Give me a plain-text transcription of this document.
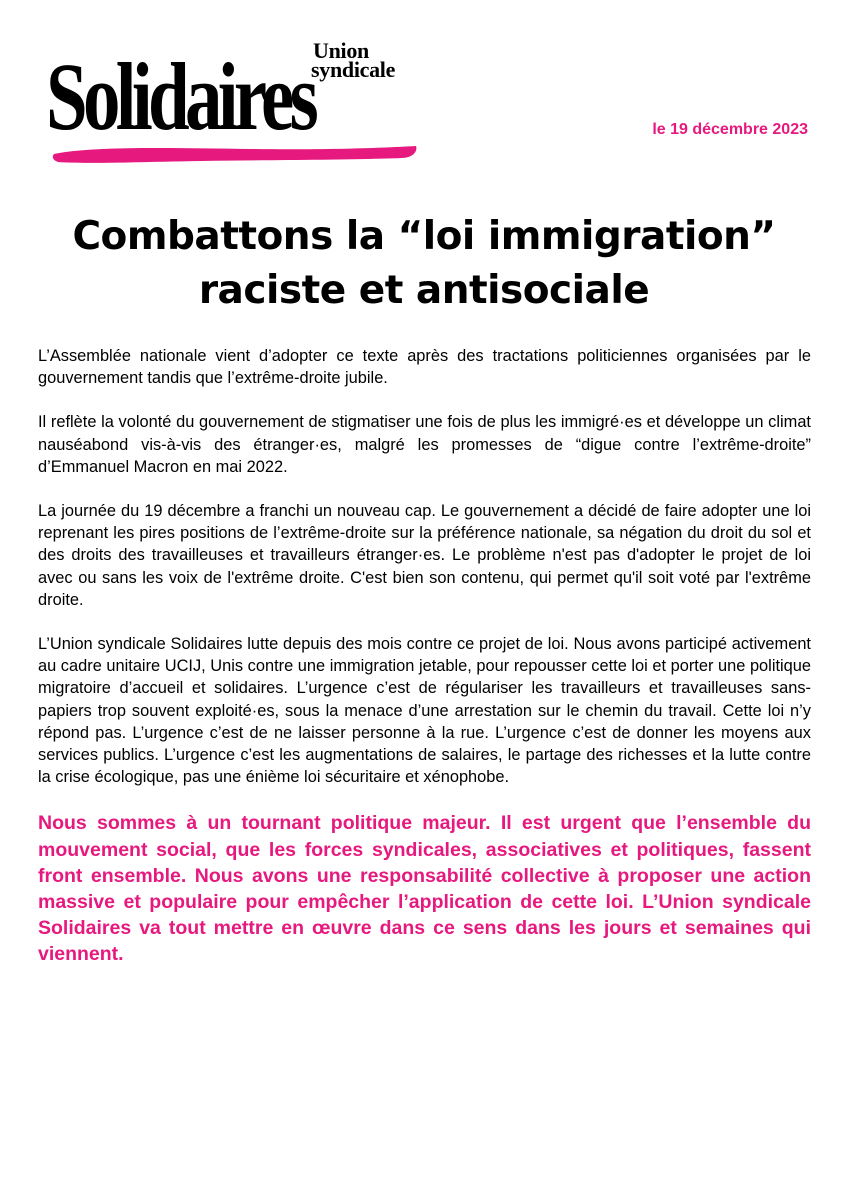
Union
syndicale
Solidaires	le 19 décembre 2023
Combattons la “loi immigration”
raciste et antisociale

L’Assemblée nationale vient d’adopter ce texte après des tractations politiciennes organisées par le gouvernement tandis que l’extrême-droite jubile.

Il reflète la volonté du gouvernement de stigmatiser une fois de plus les immigré·es et développe un climat nauséabond vis-à-vis des étranger·es, malgré les promesses de “digue contre l’extrême-droite” d’Emmanuel Macron en mai 2022.

La journée du 19 décembre a franchi un nouveau cap. Le gouvernement a décidé de faire adopter une loi reprenant les pires positions de l’extrême-droite sur la préférence nationale, sa négation du droit du sol et des droits des travailleuses et travailleurs étranger·es. Le problème n'est pas d'adopter le projet de loi avec ou sans les voix de l'extrême droite. C'est bien son contenu, qui permet qu'il soit voté par l'extrême droite.

L’Union syndicale Solidaires lutte depuis des mois contre ce projet de loi. Nous avons participé activement au cadre unitaire UCIJ, Unis contre une immigration jetable, pour repousser cette loi et porter une politique migratoire d’accueil et solidaires. L’urgence c’est de régulariser les travailleurs et travailleuses sans-papiers trop souvent exploité·es, sous la menace d’une arrestation sur le chemin du travail. Cette loi n’y répond pas. L’urgence c’est de ne laisser personne à la rue. L’urgence c’est de donner les moyens aux services publics. L’urgence c’est les augmentations de salaires, le partage des richesses et la lutte contre la crise écologique, pas une énième loi sécuritaire et xénophobe.

Nous sommes à un tournant politique majeur. Il est urgent que l’ensemble du mouvement social, que les forces syndicales, associatives et politiques, fassent front ensemble. Nous avons une responsabilité collective à proposer une action massive et populaire pour empêcher l’application de cette loi. L’Union syndicale Solidaires va tout mettre en œuvre dans ce sens dans les jours et semaines qui viennent.
